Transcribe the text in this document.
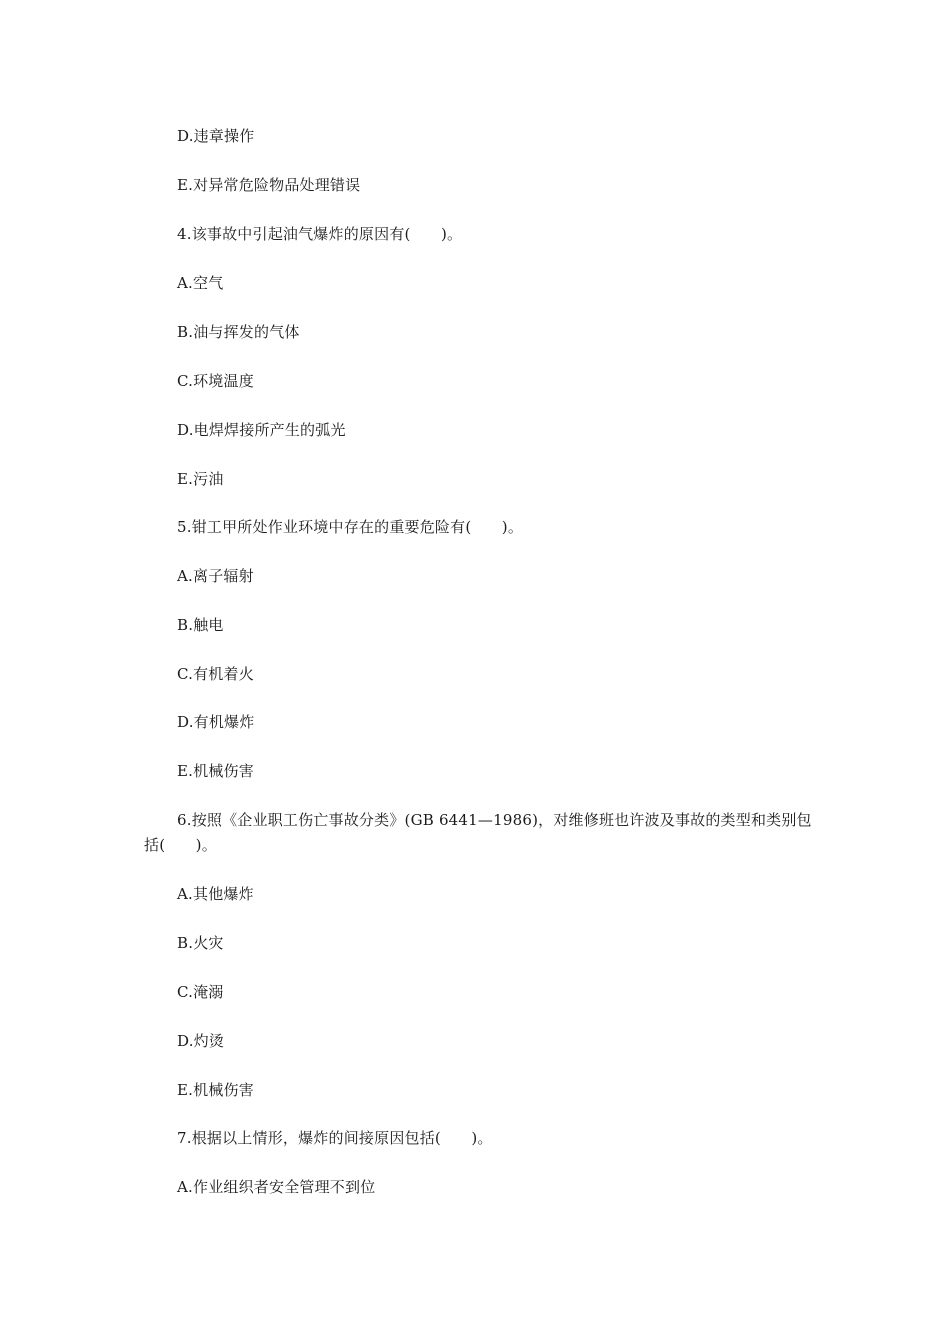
D.违章操作
E.对异常危险物品处理错误
4.该事故中引起油气爆炸的原因有(　　)。
A.空气
B.油与挥发的气体
C.环境温度
D.电焊焊接所产生的弧光
E.污油
5.钳工甲所处作业环境中存在的重要危险有(　　)。
A.离子辐射
B.触电
C.有机着火
D.有机爆炸
E.机械伤害
6.按照《企业职工伤亡事故分类》(GB 6441—1986)，对维修班也许波及事故的类型和类别包括(　　)。
A.其他爆炸
B.火灾
C.淹溺
D.灼烫
E.机械伤害
7.根据以上情形，爆炸的间接原因包括(　　)。
A.作业组织者安全管理不到位
